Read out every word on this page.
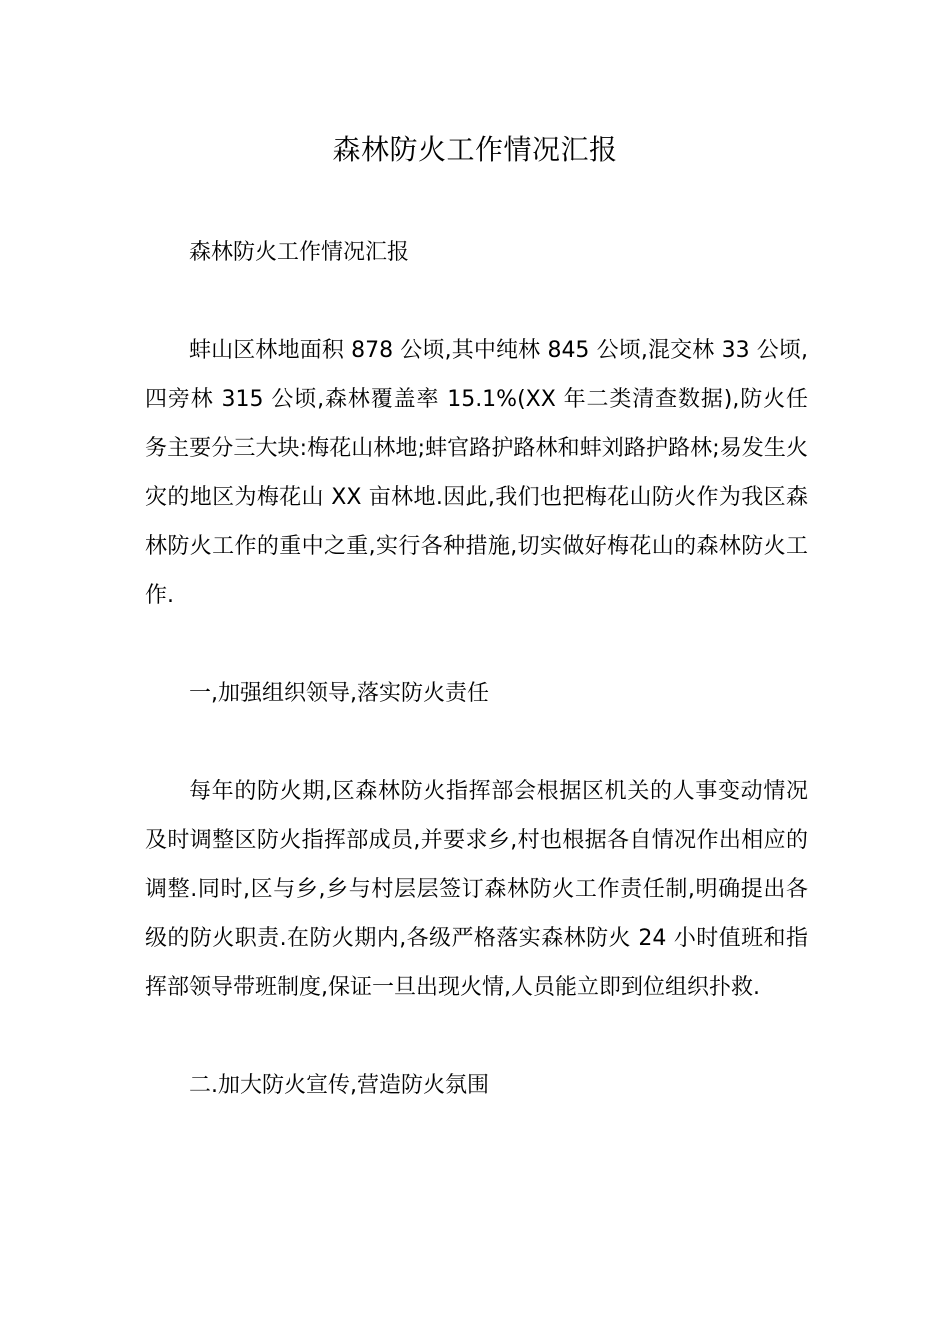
森林防火工作情况汇报

森林防火工作情况汇报

蚌山区林地面积 878 公顷,其中纯林 845 公顷,混交林 33 公顷,四旁林 315 公顷,森林覆盖率 15.1%(XX 年二类清查数据),防火任务主要分三大块:梅花山林地;蚌官路护路林和蚌刘路护路林;易发生火灾的地区为梅花山 XX 亩林地.因此,我们也把梅花山防火作为我区森林防火工作的重中之重,实行各种措施,切实做好梅花山的森林防火工作.

一,加强组织领导,落实防火责任

每年的防火期,区森林防火指挥部会根据区机关的人事变动情况及时调整区防火指挥部成员,并要求乡,村也根据各自情况作出相应的调整.同时,区与乡,乡与村层层签订森林防火工作责任制,明确提出各级的防火职责.在防火期内,各级严格落实森林防火 24 小时值班和指挥部领导带班制度,保证一旦出现火情,人员能立即到位组织扑救.

二.加大防火宣传,营造防火氛围
